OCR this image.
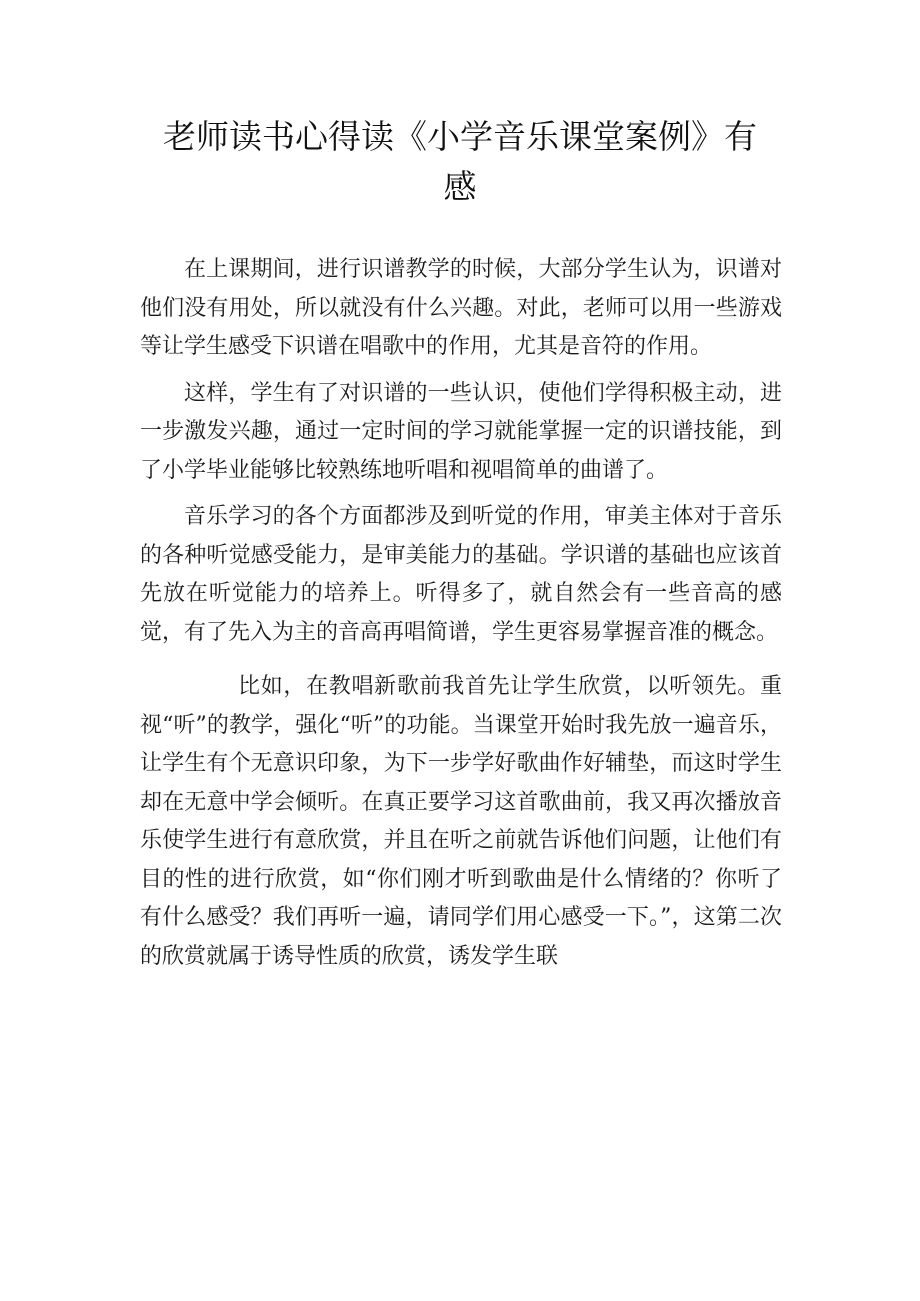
老师读书心得读《小学音乐课堂案例》有
感

在上课期间，进行识谱教学的时候，大部分学生认为，识谱对他们没有用处，所以就没有什么兴趣。对此，老师可以用一些游戏等让学生感受下识谱在唱歌中的作用，尤其是音符的作用。

这样，学生有了对识谱的一些认识，使他们学得积极主动，进一步激发兴趣，通过一定时间的学习就能掌握一定的识谱技能，到了小学毕业能够比较熟练地听唱和视唱简单的曲谱了。

音乐学习的各个方面都涉及到听觉的作用，审美主体对于音乐的各种听觉感受能力，是审美能力的基础。学识谱的基础也应该首先放在听觉能力的培养上。听得多了，就自然会有一些音高的感觉，有了先入为主的音高再唱简谱，学生更容易掌握音准的概念。

比如，在教唱新歌前我首先让学生欣赏，以听领先。重视“听”的教学，强化“听”的功能。当课堂开始时我先放一遍音乐，让学生有个无意识印象，为下一步学好歌曲作好辅垫，而这时学生却在无意中学会倾听。在真正要学习这首歌曲前，我又再次播放音乐使学生进行有意欣赏，并且在听之前就告诉他们问题，让他们有目的性的进行欣赏，如“你们刚才听到歌曲是什么情绪的？你听了有什么感受？我们再听一遍，请同学们用心感受一下。”，这第二次的欣赏就属于诱导性质的欣赏，诱发学生联
